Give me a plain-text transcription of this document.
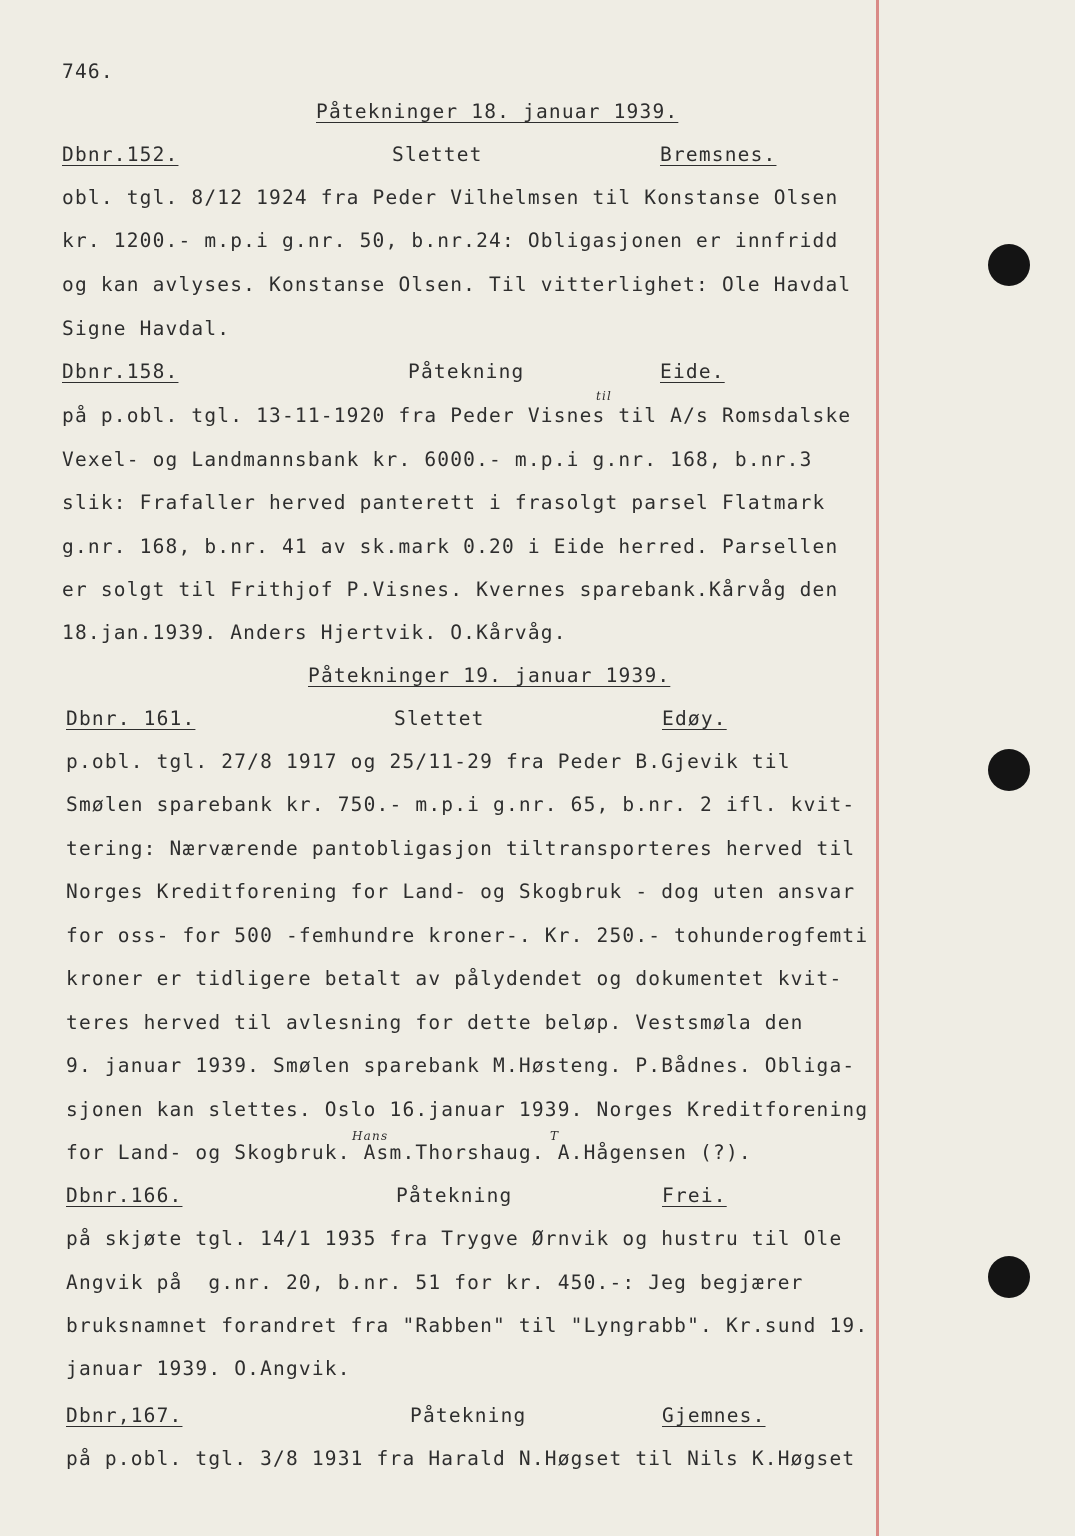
746.
Påtekninger 18. januar 1939.
Dbnr.152.	Slettet	Bremsnes.
obl. tgl. 8/12 1924 fra Peder Vilhelmsen til Konstanse Olsen
kr. 1200.- m.p.i g.nr. 50, b.nr.24: Obligasjonen er innfridd
og kan avlyses. Konstanse Olsen. Til vitterlighet: Ole Havdal
Signe Havdal.
Dbnr.158.	Påtekning	Eide.
til
på p.obl. tgl. 13-11-1920 fra Peder Visnes til A/s Romsdalske
Vexel- og Landmannsbank kr. 6000.- m.p.i g.nr. 168, b.nr.3
slik: Frafaller herved panterett i frasolgt parsel Flatmark
g.nr. 168, b.nr. 41 av sk.mark 0.20 i Eide herred. Parsellen
er solgt til Frithjof P.Visnes. Kvernes sparebank.Kårvåg den
18.jan.1939. Anders Hjertvik. O.Kårvåg.
Påtekninger 19. januar 1939.
Dbnr. 161.	Slettet	Edøy.
p.obl. tgl. 27/8 1917 og 25/11-29 fra Peder B.Gjevik til
Smølen sparebank kr. 750.- m.p.i g.nr. 65, b.nr. 2 ifl. kvit-
tering: Nærværende pantobligasjon tiltransporteres herved til
Norges Kreditforening for Land- og Skogbruk - dog uten ansvar
for oss- for 500 -femhundre kroner-. Kr. 250.- tohunderogfemti
kroner er tidligere betalt av pålydendet og dokumentet kvit-
teres herved til avlesning for dette beløp. Vestsmøla den
9. januar 1939. Smølen sparebank M.Høsteng. P.Bådnes. Obliga-
sjonen kan slettes. Oslo 16.januar 1939. Norges Kreditforening
Hans	T
for Land- og Skogbruk. Asm.Thorshaug. A.Hågensen (?).
Dbnr.166.	Påtekning	Frei.
på skjøte tgl. 14/1 1935 fra Trygve Ørnvik og hustru til Ole
Angvik på  g.nr. 20, b.nr. 51 for kr. 450.-: Jeg begjærer
bruksnamnet forandret fra "Rabben" til "Lyngrabb". Kr.sund 19.
januar 1939. O.Angvik.
Dbnr,167.	Påtekning	Gjemnes.
på p.obl. tgl. 3/8 1931 fra Harald N.Høgset til Nils K.Høgset
